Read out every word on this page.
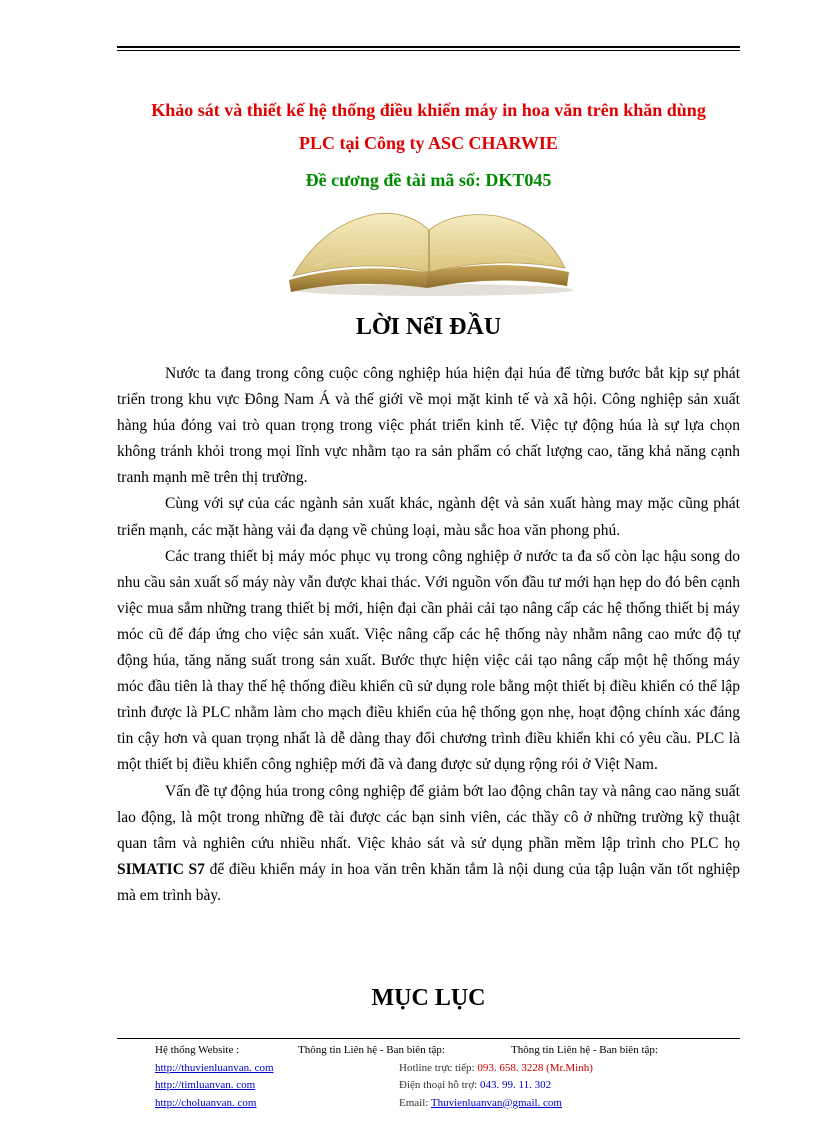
Khảo sát và thiết kế hệ thống điều khiển máy in hoa văn trên khăn dùng
PLC tại Công ty ASC CHARWIE
Đề cương đề tài mã số: DKT045
LỜI NểI ĐẦU

Nước ta đang trong công cuộc công nghiệp húa hiện đại húa để từng bước bắt kịp sự phát triển trong khu vực Đông Nam Á và thế giới về mọi mặt kinh tế và xã hội. Công nghiệp sản xuất hàng húa đóng vai trò quan trọng trong việc phát triển kinh tế. Việc tự động húa là sự lựa chọn không tránh khỏi trong mọi lĩnh vực nhằm tạo ra sản phẩm có chất lượng cao, tăng khả năng cạnh tranh mạnh mẽ trên thị trường.

Cùng với sự của các ngành sản xuất khác, ngành dệt và sản xuất hàng may mặc cũng phát triển mạnh, các mặt hàng vải đa dạng về chủng loại, màu sắc hoa văn phong phú.

Các trang thiết bị máy móc phục vụ trong công nghiệp ở nước ta đa số còn lạc hậu song do nhu cầu sản xuất số máy này vẫn được khai thác. Với nguồn vốn đầu tư mới hạn hẹp do đó bên cạnh việc mua sắm những trang thiết bị mới, hiện đại cần phải cải tạo nâng cấp các hệ thống thiết bị máy móc cũ để đáp ứng cho việc sản xuất. Việc nâng cấp các hệ thống này nhằm nâng cao mức độ tự động húa, tăng năng suất trong sản xuất. Bước thực hiện việc cải tạo nâng cấp một hệ thống máy móc đầu tiên là thay thế hệ thống điều khiển cũ sử dụng role bằng một thiết bị điều khiển có thể lập trình được là PLC nhằm làm cho mạch điều khiển của hệ thống gọn nhẹ, hoạt động chính xác đáng tin cậy hơn và quan trọng nhất là dễ dàng thay đổi chương trình điều khiển khi có yêu cầu. PLC là một thiết bị điều khiển công nghiệp mới đã và đang được sử dụng rộng rói ở Việt Nam.

Vấn đề tự động húa trong công nghiệp để giảm bớt lao động chân tay và nâng cao năng suất lao động, là một trong những đề tài được các bạn sinh viên, các thầy cô ở những trường kỹ thuật quan tâm và nghiên cứu nhiều nhất. Việc khảo sát và sử dụng phần mềm lập trình cho PLC họ SIMATIC S7 để điều khiển máy in hoa văn trên khăn tắm là nội dung của tập luận văn tốt nghiệp mà em trình bày.

MỤC LỤC
Hệ thống Website :	Thông tin Liên hệ - Ban biên tập:	Thông tin Liên hệ - Ban biên tập:
http://thuvienluanvan. com
http://timluanvan. com
http://choluanvan. com
Hotline trực tiếp: 093. 658. 3228 (Mr.Minh)
Điện thoại hỗ trợ: 043. 99. 11. 302
Email: Thuvienluanvan@gmail. com
